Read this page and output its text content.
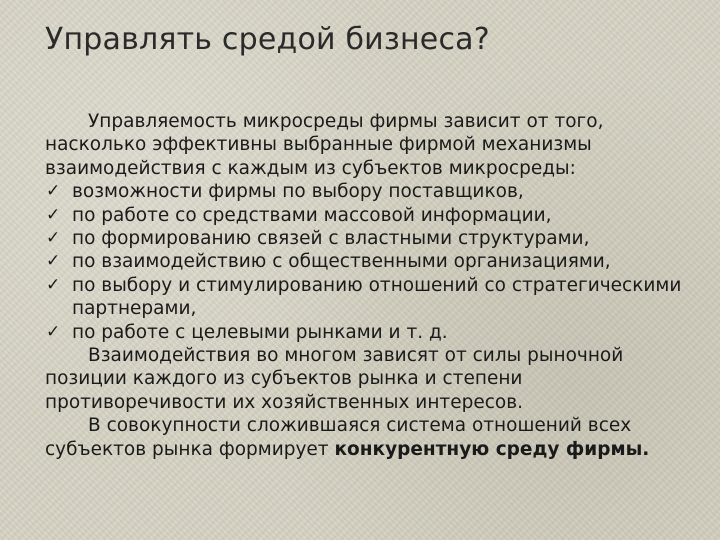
Управлять средой бизнеса?

Управляемость микросреды фирмы зависит от того, насколько эффективны выбранные фирмой механизмы взаимодействия с каждым из субъектов микросреды:

✓ возможности фирмы по выбору поставщиков,
✓ по работе со средствами массовой информации,
✓ по формированию связей с властными структурами,
✓ по взаимодействию с общественными организациями,
✓ по выбору и стимулированию отношений со стратегическими партнерами,
✓ по работе с целевыми рынками и т. д.

Взаимодействия во многом зависят от силы рыночной позиции каждого из субъектов рынка и степени противоречивости их хозяйственных интересов.

В совокупности сложившаяся система отношений всех субъектов рынка формирует конкурентную среду фирмы.
